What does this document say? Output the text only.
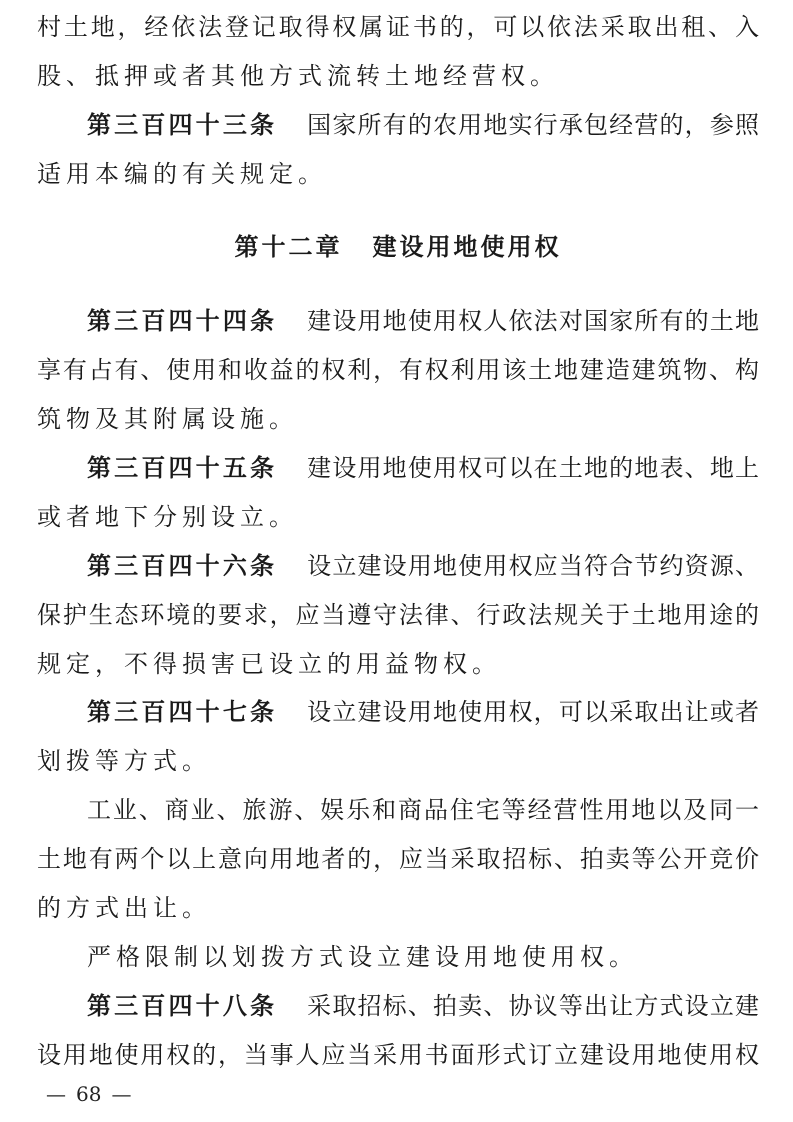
村土地，经依法登记取得权属证书的，可以依法采取出租、入
股、抵押或者其他方式流转土地经营权。
第三百四十三条 国家所有的农用地实行承包经营的，参照
适用本编的有关规定。
第十二章 建设用地使用权
第三百四十四条 建设用地使用权人依法对国家所有的土地
享有占有、使用和收益的权利，有权利用该土地建造建筑物、构
筑物及其附属设施。
第三百四十五条 建设用地使用权可以在土地的地表、地上
或者地下分别设立。
第三百四十六条 设立建设用地使用权应当符合节约资源、
保护生态环境的要求，应当遵守法律、行政法规关于土地用途的
规定，不得损害已设立的用益物权。
第三百四十七条 设立建设用地使用权，可以采取出让或者
划拨等方式。
工业、商业、旅游、娱乐和商品住宅等经营性用地以及同一
土地有两个以上意向用地者的，应当采取招标、拍卖等公开竞价
的方式出让。
严格限制以划拨方式设立建设用地使用权。
第三百四十八条 采取招标、拍卖、协议等出让方式设立建
设用地使用权的，当事人应当采用书面形式订立建设用地使用权
— 68 —
